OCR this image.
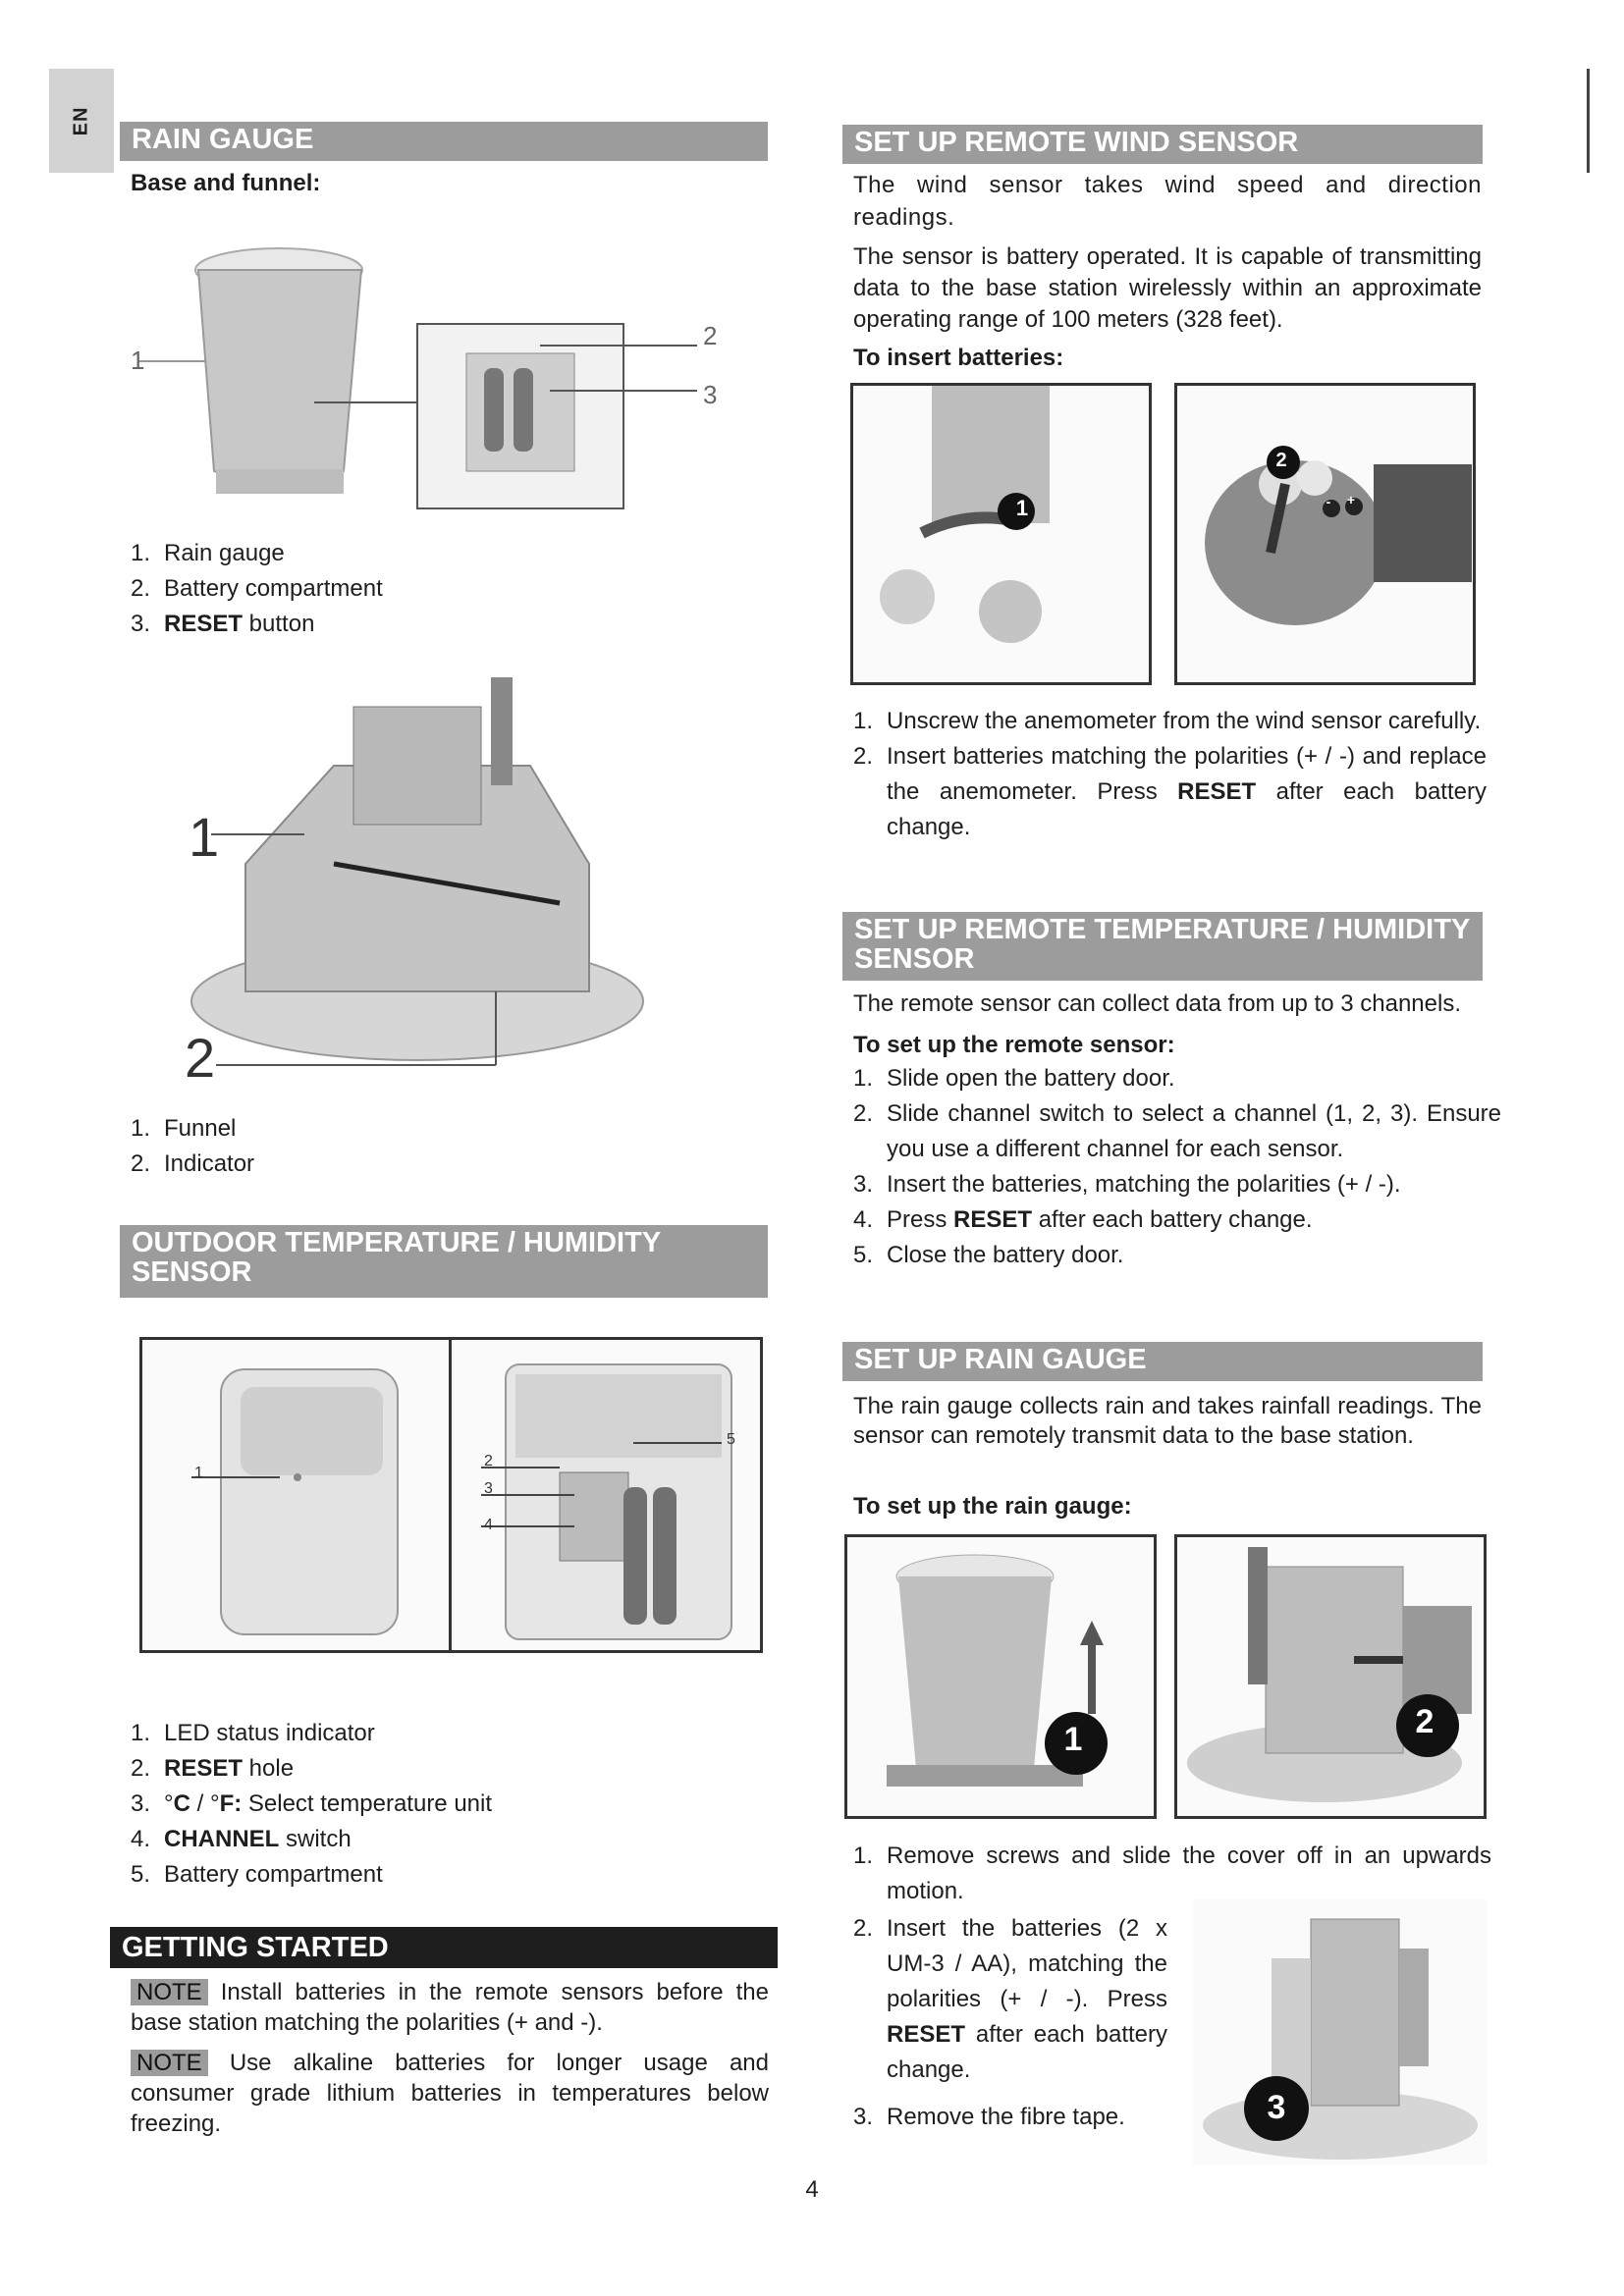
EN
RAIN GAUGE
Base and funnel:
1
2
3
1. Rain gauge
2. Battery compartment
3. RESET button
1
2
1. Funnel
2. Indicator
OUTDOOR TEMPERATURE / HUMIDITY
SENSOR
1
2
3
4
5
1. LED status indicator
2. RESET hole
3. °C / °F: Select temperature unit
4. CHANNEL switch
5. Battery compartment
GETTING STARTED
NOTE Install batteries in the remote sensors before the base station matching the polarities (+ and -).
NOTE Use alkaline batteries for longer usage and consumer grade lithium batteries in temperatures below freezing.
SET UP REMOTE WIND SENSOR
The wind sensor takes wind speed and direction readings.
The sensor is battery operated. It is capable of transmitting data to the base station wirelessly within an approximate operating range of 100 meters (328 feet).
To insert batteries:
1
2
- +
1. Unscrew the anemometer from the wind sensor carefully.
2. Insert batteries matching the polarities (+ / -) and replace the anemometer. Press RESET after each battery change.
SET UP REMOTE TEMPERATURE / HUMIDITY
SENSOR
The remote sensor can collect data from up to 3 channels.
To set up the remote sensor:
1. Slide open the battery door.
2. Slide channel switch to select a channel (1, 2, 3). Ensure you use a different channel for each sensor.
3. Insert the batteries, matching the polarities (+ / -).
4. Press RESET after each battery change.
5. Close the battery door.
SET UP RAIN GAUGE
The rain gauge collects rain and takes rainfall readings. The sensor can remotely transmit data to the base station.
To set up the rain gauge:
1	2
1. Remove screws and slide the cover off in an upwards motion.
2. Insert the batteries (2 x UM-3 / AA), matching the polarities (+ / -). Press RESET after each battery change.
3. Remove the fibre tape.	3
4
